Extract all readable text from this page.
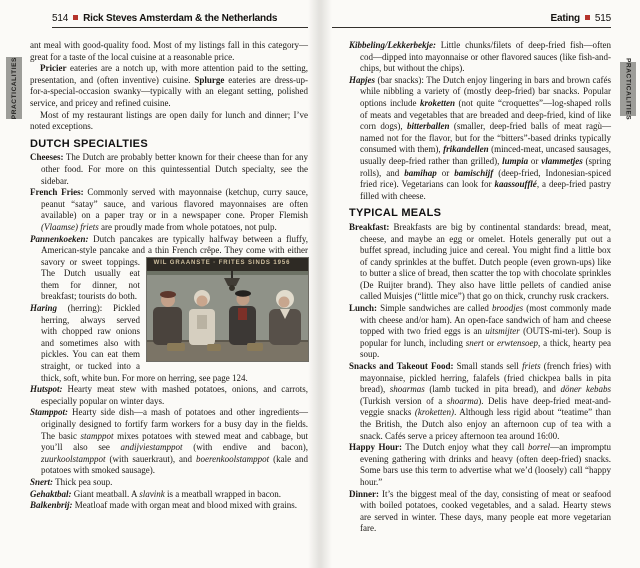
PRACTICALITIES
514 Rick Steves Amsterdam & the Netherlands

ant meal with good-quality food. Most of my listings fall in this category—great for a taste of the local cuisine at a reasonable price.

Pricier eateries are a notch up, with more attention paid to the setting, presentation, and (often inventive) cuisine. Splurge eateries are dress-up-for-a-special-occasion swanky—typically with an elegant setting, polished service, and pricey and refined cuisine.

Most of my restaurant listings are open daily for lunch and dinner; I’ve noted exceptions.

DUTCH SPECIALTIES

Cheeses: The Dutch are probably better known for their cheese than for any other food. For more on this quintessential Dutch specialty, see the sidebar.

French Fries: Commonly served with mayonnaise (ketchup, curry sauce, peanut “satay” sauce, and various flavored mayonnaises are often available) on a paper tray or in a newspaper cone. Proper Flemish (Vlaamse) friets are proudly made from whole potatoes, not pulp.

Pannenkoeken: Dutch pancakes are typically halfway between a fluffy, American-style pancake and a thin French crêpe. They
WIL GRAANSTE · FRITES SINDS 1956
come with either savory or sweet toppings. The Dutch usually eat them for dinner, not breakfast; tourists do both.

Haring (herring): Pickled herring, always served with chopped raw onions and sometimes also with pickles. You can eat them straight, or tucked into a thick, soft, white bun. For more on herring, see page 124.

Hutspot: Hearty meat stew with mashed potatoes, onions, and carrots, especially popular on winter days.

Stamppot: Hearty side dish—a mash of potatoes and other ingredients—originally designed to fortify farm workers for a busy day in the fields. The basic stamppot mixes potatoes with stewed meat and cabbage, but you’ll also see andijviestamppot (with endive and bacon), zuurkoolstamppot (with sauerkraut), and boerenkoolstamppot (kale and potatoes with smoked sausage).

Snert: Thick pea soup.

Gehaktbal: Giant meatball. A slavink is a meatball wrapped in bacon.

Balkenbrij: Meatloaf made with organ meat and blood mixed with grains.

PRACTICALITIES
Eating 515

Kibbeling/Lekkerbekje: Little chunks/filets of deep-fried fish—often cod—dipped into mayonnaise or other flavored sauces (like fish-and-chips, but without the chips).

Hapjes (bar snacks): The Dutch enjoy lingering in bars and brown cafés while nibbling a variety of (mostly deep-fried) bar snacks. Popular options include kroketten (not quite “croquettes”—log-shaped rolls of meats and vegetables that are breaded and deep-fried, kind of like corn dogs), bitterballen (smaller, deep-fried balls of meat ragù—named not for the flavor, but for the “bitters”-based drinks typically consumed with them), frikandellen (minced-meat, uncased sausages, usually deep-fried rather than grilled), lumpia or vlammetjes (spring rolls), and bamihap or bamischijf (deep-fried, Indonesian-spiced fried rice). Vegetarians can look for kaassoufflé, a deep-fried pastry filled with cheese.

TYPICAL MEALS

Breakfast: Breakfasts are big by continental standards: bread, meat, cheese, and maybe an egg or omelet. Hotels generally put out a buffet spread, including juice and cereal. You might find a little box of candy sprinkles at the buffet. Dutch people (even grown-ups) like to butter a slice of bread, then scatter the top with chocolate sprinkles (De Ruijter brand). They also have little pellets of candied anise called Muisjes (“little mice”) that go on thick, crunchy rusk crackers.

Lunch: Simple sandwiches are called broodjes (most commonly made with cheese and/or ham). An open-face sandwich of ham and cheese topped with two fried eggs is an uitsmijter (OUTS-mi-ter). Soup is popular for lunch, including snert or erwtensoep, a thick, hearty pea soup.

Snacks and Takeout Food: Small stands sell friets (french fries) with mayonnaise, pickled herring, falafels (fried chickpea balls in pita bread), shoarmas (lamb tucked in pita bread), and döner kebabs (Turkish version of a shoarma). Delis have deep-fried meat-and-veggie snacks (kroketten). Although less rigid about “teatime” than the British, the Dutch also enjoy an afternoon cup of tea with a snack. Cafés serve a pricey afternoon tea around 16:00.

Happy Hour: The Dutch enjoy what they call borrel—an impromptu evening gathering with drinks and heavy (often deep-fried) snacks. Some bars use this term to advertise what we’d (loosely) call “happy hour.”

Dinner: It’s the biggest meal of the day, consisting of meat or seafood with boiled potatoes, cooked vegetables, and a salad. Hearty stews are served in winter. These days, many people eat more vegetarian fare.
